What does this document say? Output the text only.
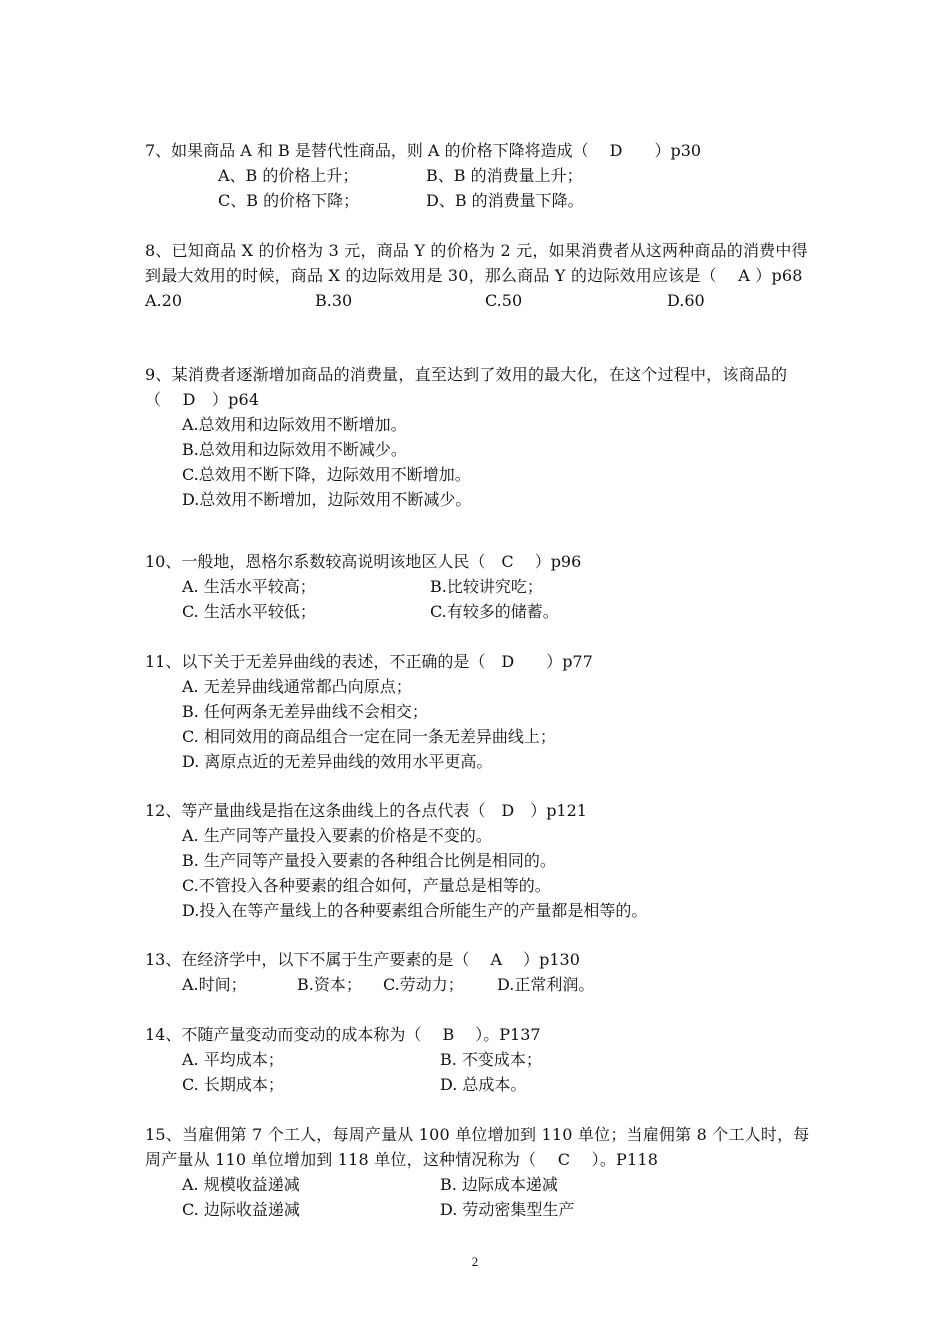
7、如果商品 A 和 B 是替代性商品，则 A 的价格下降将造成（　 D　　）p30
A、B 的价格上升；	B、B 的消费量上升；
C、B 的价格下降；	D、B 的消费量下降。
8、已知商品 X 的价格为 3 元，商品 Y 的价格为 2 元，如果消费者从这两种商品的消费中得到最大效用的时候，商品 X 的边际效用是 30，那么商品 Y 的边际效用应该是（　 A ）p68
A.20	B.30	C.50	D.60
9、某消费者逐渐增加商品的消费量，直至达到了效用的最大化，在这个过程中，该商品的　（　 D　）p64
A.总效用和边际效用不断增加。
B.总效用和边际效用不断减少。
C.总效用不断下降，边际效用不断增加。
D.总效用不断增加，边际效用不断减少。
10、一般地，恩格尔系数较高说明该地区人民（　C　 ）p96
A. 生活水平较高；	B.比较讲究吃；
C. 生活水平较低；	C.有较多的储蓄。
11、以下关于无差异曲线的表述，不正确的是（　D　　）p77
A. 无差异曲线通常都凸向原点；
B. 任何两条无差异曲线不会相交；
C. 相同效用的商品组合一定在同一条无差异曲线上；
D. 离原点近的无差异曲线的效用水平更高。
12、等产量曲线是指在这条曲线上的各点代表（　D　）p121
A. 生产同等产量投入要素的价格是不变的。
B. 生产同等产量投入要素的各种组合比例是相同的。
C.不管投入各种要素的组合如何，产量总是相等的。
D.投入在等产量线上的各种要素组合所能生产的产量都是相等的。
13、在经济学中，以下不属于生产要素的是（　 A　 ）p130
A.时间；	B.资本； C.劳动力； D.正常利润。
14、不随产量变动而变动的成本称为（　 B　 ）。P137
A. 平均成本；	B. 不变成本；
C. 长期成本；	D. 总成本。
15、当雇佣第 7 个工人，每周产量从 100 单位增加到 110 单位；当雇佣第 8 个工人时，每周产量从 110 单位增加到 118 单位，这种情况称为（　 C　 ）。P118
A. 规模收益递减	B. 边际成本递减
C. 边际收益递减	D. 劳动密集型生产
2
